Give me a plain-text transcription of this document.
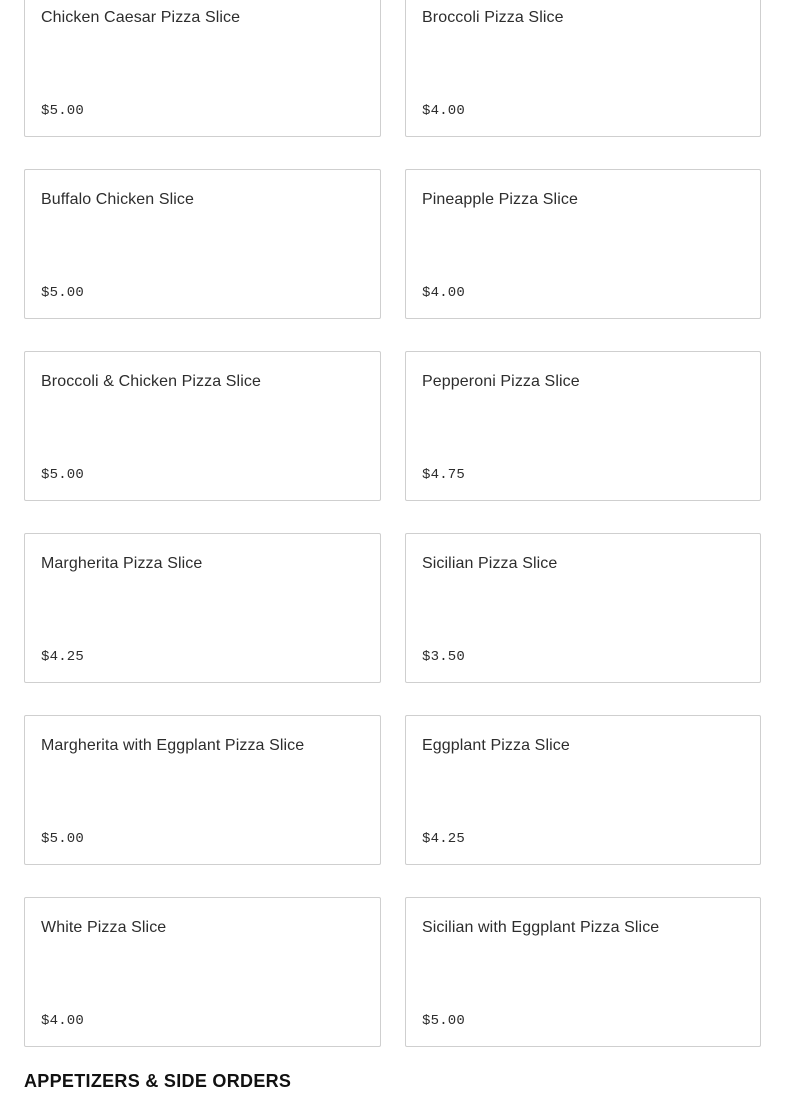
Chicken Caesar Pizza Slice
$5.00
Broccoli Pizza Slice
$4.00
Buffalo Chicken Slice
$5.00
Pineapple Pizza Slice
$4.00
Broccoli & Chicken Pizza Slice
$5.00
Pepperoni Pizza Slice
$4.75
Margherita Pizza Slice
$4.25
Sicilian Pizza Slice
$3.50
Margherita with Eggplant Pizza Slice
$5.00
Eggplant Pizza Slice
$4.25
White Pizza Slice
$4.00
Sicilian with Eggplant Pizza Slice
$5.00
APPETIZERS & SIDE ORDERS
